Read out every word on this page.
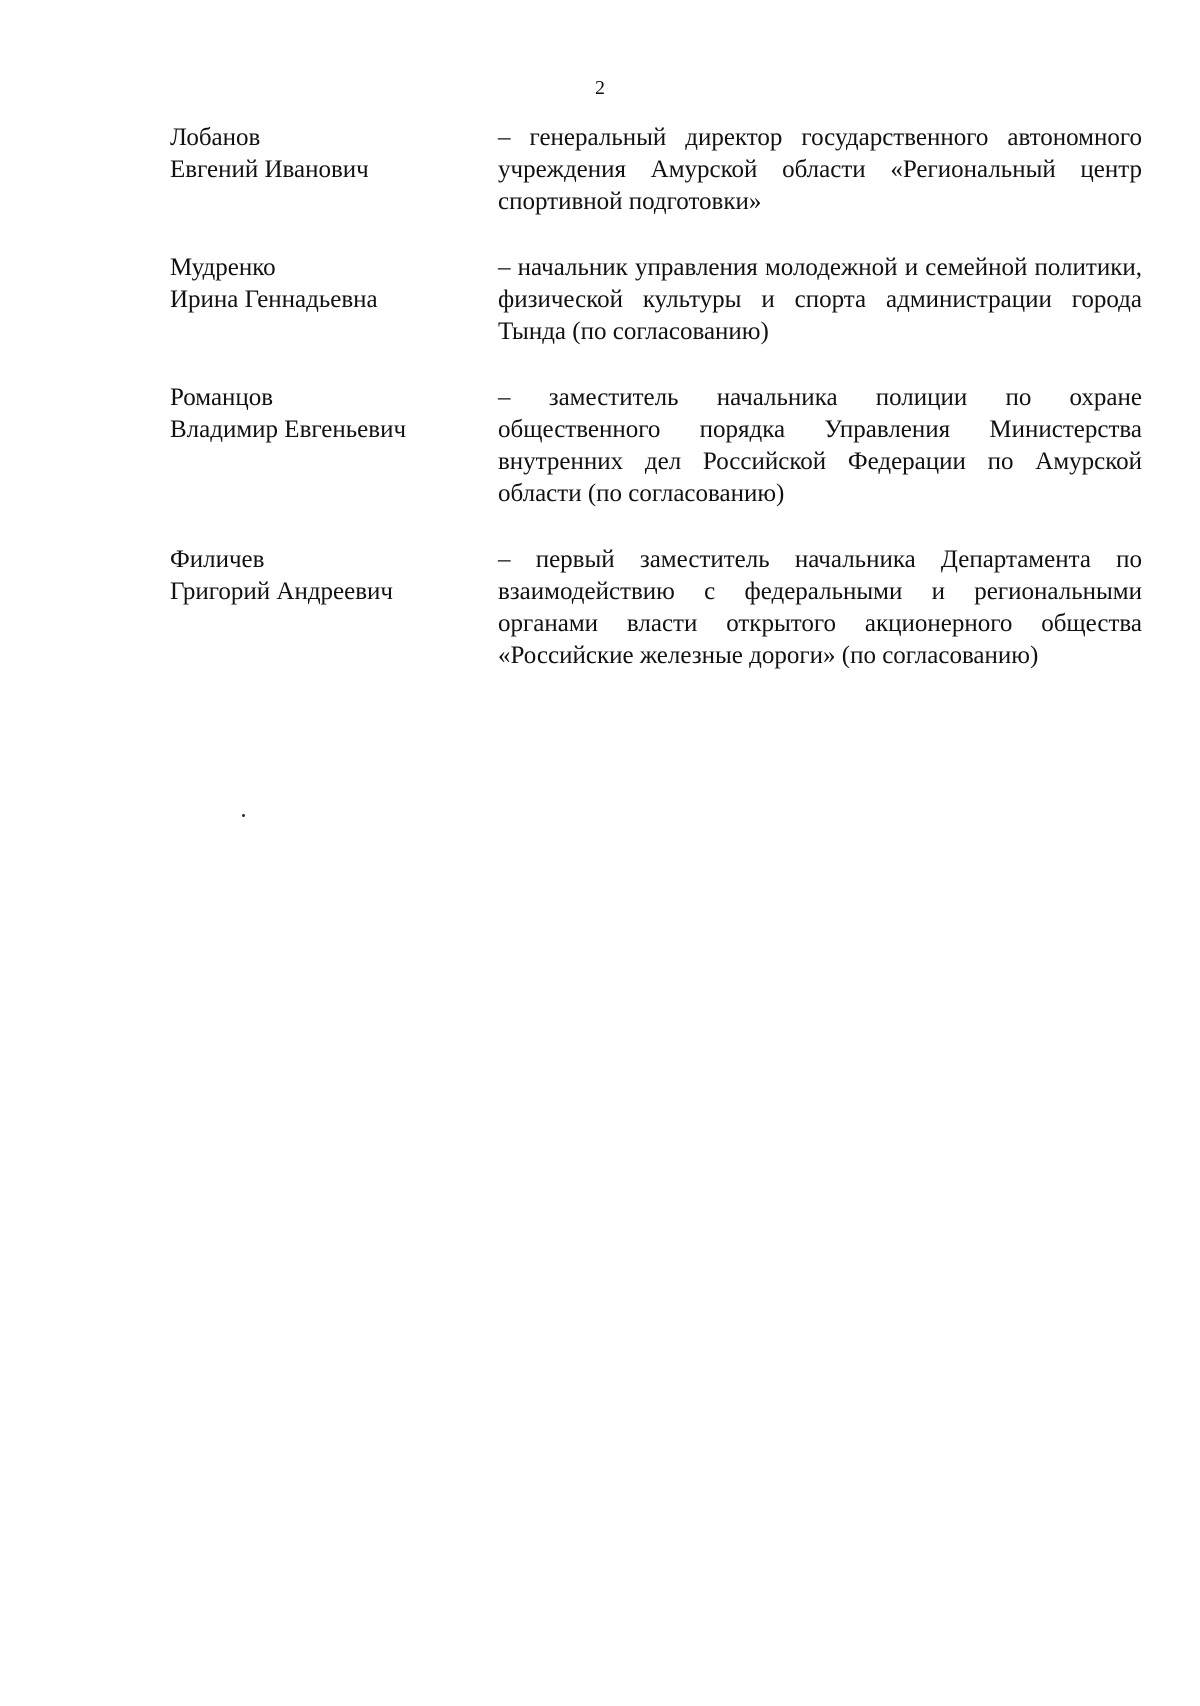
2
Лобанов
Евгений Иванович
– генеральный директор государственного автономного учреждения Амурской области «Региональный центр спортивной подготовки»
Мудренко
Ирина Геннадьевна
– начальник управления молодежной и семейной политики, физической культуры и спорта администрации города Тында (по согласованию)
Романцов
Владимир Евгеньевич
– заместитель начальника полиции по охране общественного порядка Управления Министерства внутренних дел Российской Федерации по Амурской области (по согласованию)
Филичев
Григорий Андреевич
– первый заместитель начальника Департамента по взаимодействию с федеральными и региональными органами власти открытого акционерного общества «Российские железные дороги» (по согласованию)
